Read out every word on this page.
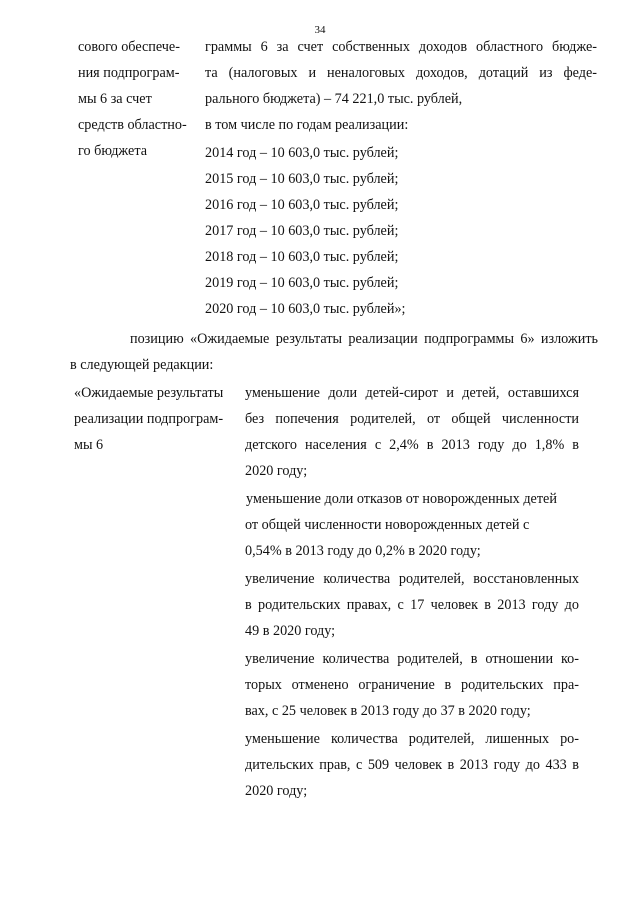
34
сового обеспече-
ния подпрограм-
мы 6 за счет
средств областно-
го бюджета
граммы 6 за счет собственных доходов областного бюдже-
та (налоговых и неналоговых доходов, дотаций из феде-
рального бюджета) – 74 221,0 тыс. рублей,
в том числе по годам реализации:
2014 год – 10 603,0 тыс. рублей;
2015 год – 10 603,0 тыс. рублей;
2016 год – 10 603,0 тыс. рублей;
2017 год – 10 603,0 тыс. рублей;
2018 год – 10 603,0 тыс. рублей;
2019 год – 10 603,0 тыс. рублей;
2020 год – 10 603,0 тыс. рублей»;
позицию «Ожидаемые результаты реализации подпрограммы 6» изложить
в следующей редакции:
«Ожидаемые результаты
реализации подпрограм-
мы 6
уменьшение доли детей-сирот и детей, оставшихся
без попечения родителей, от общей численности
детского населения с 2,4% в 2013 году до 1,8% в
2020 году;
уменьшение доли отказов от новорожденных детей
от общей численности новорожденных детей с
0,54% в 2013 году до 0,2% в 2020 году;
увеличение количества родителей, восстановленных
в родительских правах, с 17 человек в 2013 году до
49 в 2020 году;
увеличение количества родителей, в отношении ко-
торых отменено ограничение в родительских пра-
вах, с 25 человек в 2013 году до 37 в 2020 году;
уменьшение количества родителей, лишенных ро-
дительских прав, с 509 человек в 2013 году до 433 в
2020 году;
